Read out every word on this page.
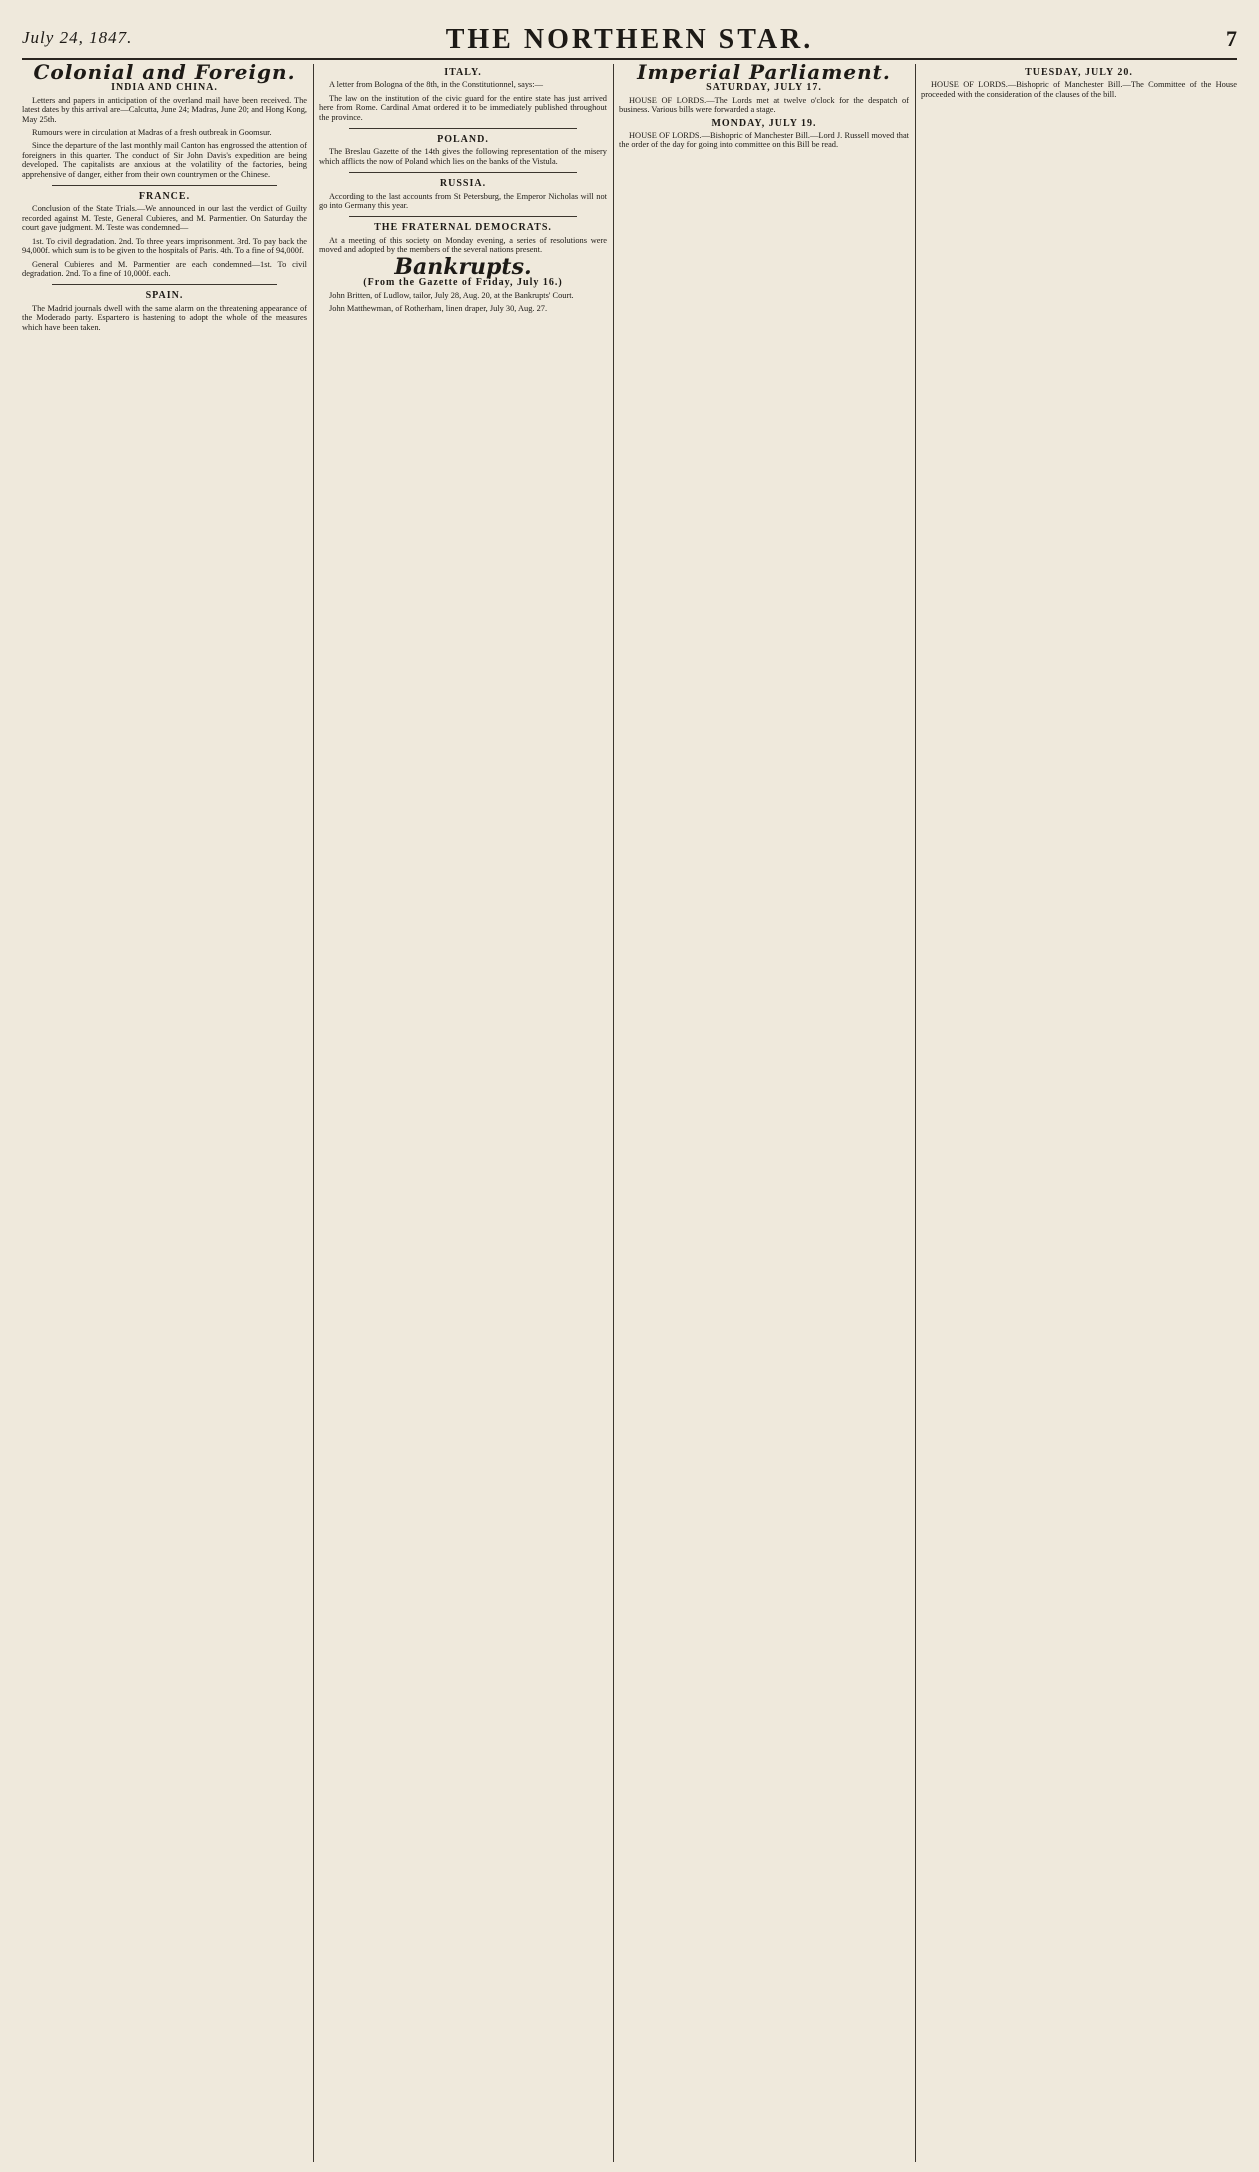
July 24, 1847.	THE NORTHERN STAR.	7
Colonial and Foreign.
INDIA AND CHINA.

Letters and papers in anticipation of the overland mail have been received. The latest dates by this arrival are—Calcutta, June 24; Madras, June 20; and Hong Kong, May 25th.

Rumours were in circulation at Madras of a fresh outbreak in Goomsur.

Since the departure of the last monthly mail Canton has engrossed the attention of foreigners in this quarter. The conduct of Sir John Davis's expedition are being developed. The capitalists are anxious at the volatility of the factories, being apprehensive of danger, either from their own countrymen or the Chinese.

FRANCE.

Conclusion of the State Trials.—We announced in our last the verdict of Guilty recorded against M. Teste, General Cubieres, and M. Parmentier. On Saturday the court gave judgment. M. Teste was condemned—

1st. To civil degradation. 2nd. To three years imprisonment. 3rd. To pay back the 94,000f. which sum is to be given to the hospitals of Paris. 4th. To a fine of 94,000f.

General Cubieres and M. Parmentier are each condemned—1st. To civil degradation. 2nd. To a fine of 10,000f. each.

SPAIN.

The Madrid journals dwell with the same alarm on the threatening appearance of the Moderado party. Espartero is hastening to adopt the whole of the measures which have been taken.

ITALY.

A letter from Bologna of the 8th, in the Constitutionnel, says:—

The law on the institution of the civic guard for the entire state has just arrived here from Rome. Cardinal Amat ordered it to be immediately published throughout the province.

POLAND.

The Breslau Gazette of the 14th gives the following representation of the misery which afflicts the now of Poland which lies on the banks of the Vistula.

RUSSIA.

According to the last accounts from St Petersburg, the Emperor Nicholas will not go into Germany this year.

THE FRATERNAL DEMOCRATS.

At a meeting of this society on Monday evening, a series of resolutions were moved and adopted by the members of the several nations present.

Bankrupts.
(From the Gazette of Friday, July 16.)

John Britten, of Ludlow, tailor, July 28, Aug. 20, at the Bankrupts' Court.

John Matthewman, of Rotherham, linen draper, July 30, Aug. 27.

Imperial Parliament.
SATURDAY, JULY 17.

HOUSE OF LORDS.—The Lords met at twelve o'clock for the despatch of business. Various bills were forwarded a stage.

MONDAY, JULY 19.

HOUSE OF LORDS.—Bishopric of Manchester Bill.—Lord J. Russell moved that the order of the day for going into committee on this Bill be read.

TUESDAY, JULY 20.

HOUSE OF LORDS.—Bishopric of Manchester Bill.—The Committee of the House proceeded with the consideration of the clauses of the bill.
